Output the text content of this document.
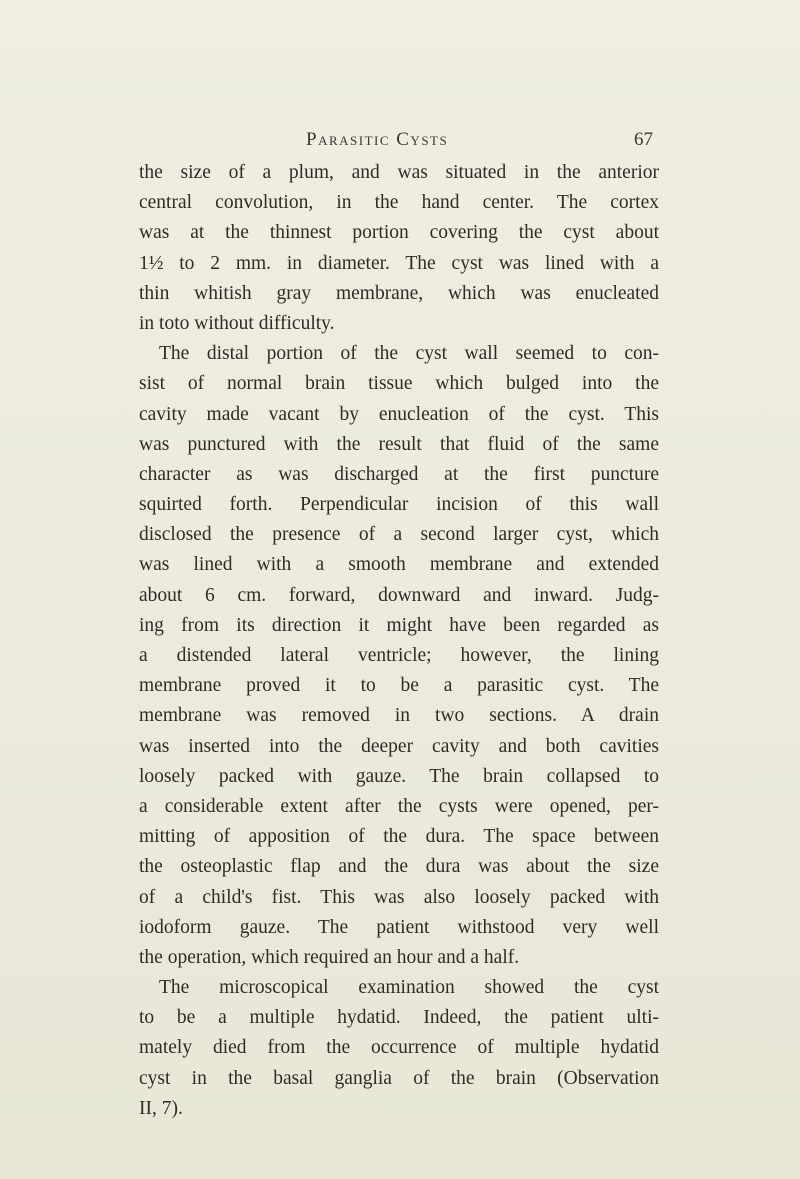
Parasitic Cysts	67
the size of a plum, and was situated in the anterior
central convolution, in the hand center. The cortex
was at the thinnest portion covering the cyst about
1½ to 2 mm. in diameter. The cyst was lined with a
thin whitish gray membrane, which was enucleated
in toto without difficulty.
The distal portion of the cyst wall seemed to con-
sist of normal brain tissue which bulged into the
cavity made vacant by enucleation of the cyst. This
was punctured with the result that fluid of the same
character as was discharged at the first puncture
squirted forth. Perpendicular incision of this wall
disclosed the presence of a second larger cyst, which
was lined with a smooth membrane and extended
about 6 cm. forward, downward and inward. Judg-
ing from its direction it might have been regarded as
a distended lateral ventricle; however, the lining
membrane proved it to be a parasitic cyst. The
membrane was removed in two sections. A drain
was inserted into the deeper cavity and both cavities
loosely packed with gauze. The brain collapsed to
a considerable extent after the cysts were opened, per-
mitting of apposition of the dura. The space between
the osteoplastic flap and the dura was about the size
of a child's fist. This was also loosely packed with
iodoform gauze. The patient withstood very well
the operation, which required an hour and a half.
The microscopical examination showed the cyst
to be a multiple hydatid. Indeed, the patient ulti-
mately died from the occurrence of multiple hydatid
cyst in the basal ganglia of the brain (Observation
II, 7).
